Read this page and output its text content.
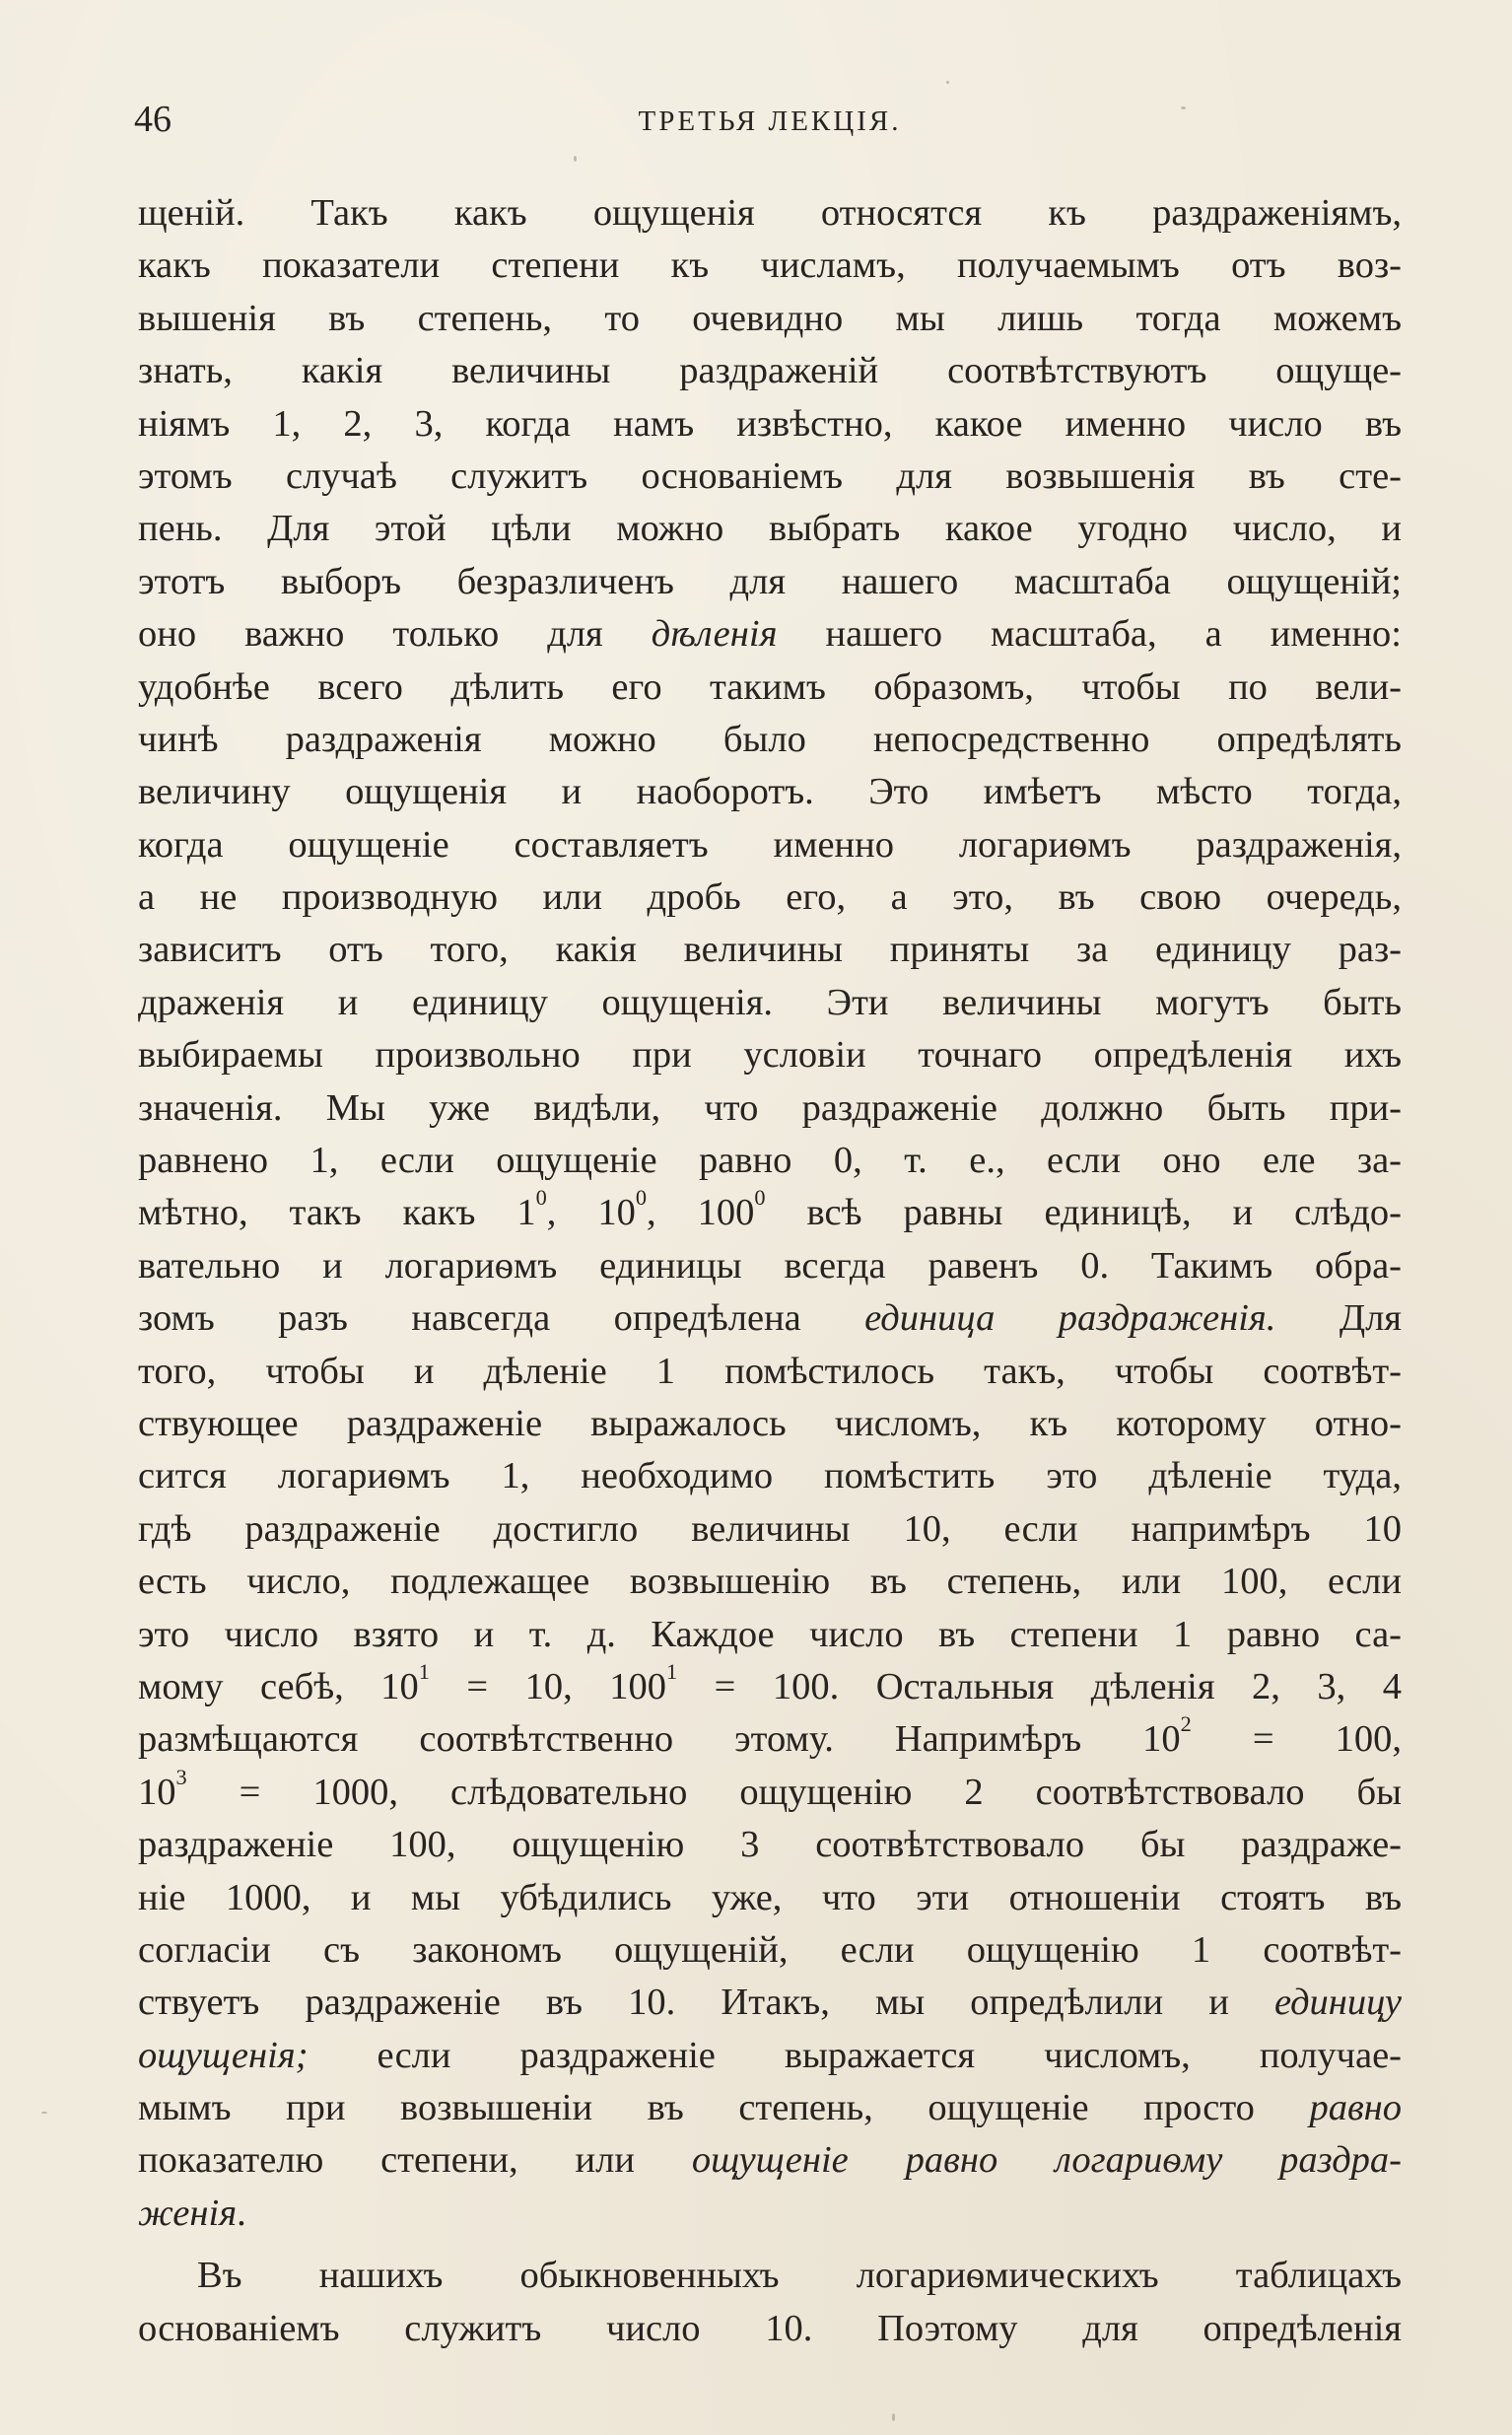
46	ТРЕТЬЯ ЛЕКЦІЯ.
щеній. Такъ какъ ощущенія относятся къ раздраженіямъ,
какъ показатели степени къ числамъ, получаемымъ отъ воз-
вышенія въ степень, то очевидно мы лишь тогда можемъ
знать, какія величины раздраженій соотвѣтствуютъ ощуще-
ніямъ 1, 2, 3, когда намъ извѣстно, какое именно число въ
этомъ случаѣ служитъ основаніемъ для возвышенія въ сте-
пень. Для этой цѣли можно выбрать какое угодно число, и
этотъ выборъ безразличенъ для нашего масштаба ощущеній;
оно важно только для дѣленія нашего масштаба, а именно:
удобнѣе всего дѣлить его такимъ образомъ, чтобы по вели-
чинѣ раздраженія можно было непосредственно опредѣлять
величину ощущенія и наоборотъ. Это имѣетъ мѣсто тогда,
когда ощущеніе составляетъ именно логариѳмъ раздраженія,
а не производную или дробь его, а это, въ свою очередь,
зависитъ отъ того, какія величины приняты за единицу раз-
драженія и единицу ощущенія. Эти величины могутъ быть
выбираемы произвольно при условіи точнаго опредѣленія ихъ
значенія. Мы уже видѣли, что раздраженіе должно быть при-
равнено 1, если ощущеніе равно 0, т. е., если оно еле за-
мѣтно, такъ какъ $1^0$, $10^0$, $100^0$ всѣ равны единицѣ, и слѣдо-
вательно и логариѳмъ единицы всегда равенъ 0. Такимъ обра-
зомъ разъ навсегда опредѣлена единица раздраженія. Для
того, чтобы и дѣленіе 1 помѣстилось такъ, чтобы соотвѣт-
ствующее раздраженіе выражалось числомъ, къ которому отно-
сится логариѳмъ 1, необходимо помѣстить это дѣленіе туда,
гдѣ раздраженіе достигло величины 10, если напримѣръ 10
есть число, подлежащее возвышенію въ степень, или 100, если
это число взято и т. д. Каждое число въ степени 1 равно са-
мому себѣ, $10^1 = 10$, $100^1 = 100$. Остальныя дѣленія 2, 3, 4
размѣщаются соотвѣтственно этому. Напримѣръ $10^2 = 100$,
$10^3 = 1000$, слѣдовательно ощущенію 2 соотвѣтствовало бы
раздраженіе 100, ощущенію 3 соотвѣтствовало бы раздраже-
ніе 1000, и мы убѣдились уже, что эти отношеніи стоятъ въ
согласіи съ закономъ ощущеній, если ощущенію 1 соотвѣт-
ствуетъ раздраженіе въ 10. Итакъ, мы опредѣлили и единицу
ощущенія; если раздраженіе выражается числомъ, получае-
мымъ при возвышеніи въ степень, ощущеніе просто равно
показателю степени, или ощущеніе равно логариѳму раздра-
женія.
Въ нашихъ обыкновенныхъ логариѳмическихъ таблицахъ
основаніемъ служитъ число 10. Поэтому для опредѣленія
